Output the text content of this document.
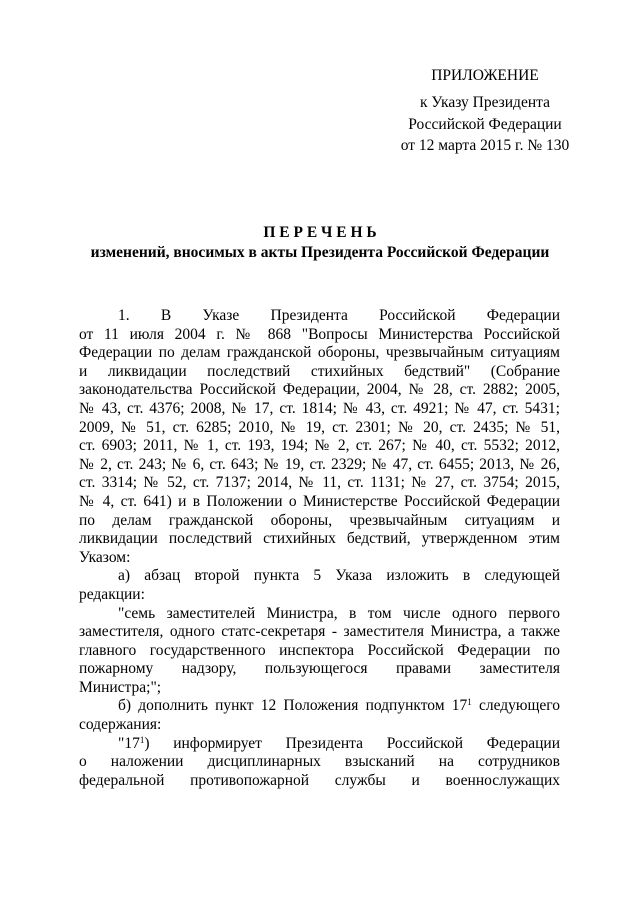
ПРИЛОЖЕНИЕ
к Указу Президента
Российской Федерации
от 12 марта 2015 г. № 130
П Е Р Е Ч Е Н Ь
изменений, вносимых в акты Президента Российской Федерации

1. В Указе Президента Российской Федерации
от 11 июля 2004 г. № 868 "Вопросы Министерства Российской
Федерации по делам гражданской обороны, чрезвычайным ситуациям
и ликвидации последствий стихийных бедствий" (Собрание
законодательства Российской Федерации, 2004, № 28, ст. 2882; 2005,
№ 43, ст. 4376; 2008, № 17, ст. 1814; № 43, ст. 4921; № 47, ст. 5431;
2009, № 51, ст. 6285; 2010, № 19, ст. 2301; № 20, ст. 2435; № 51,
ст. 6903; 2011, № 1, ст. 193, 194; № 2, ст. 267; № 40, ст. 5532; 2012,
№ 2, ст. 243; № 6, ст. 643; № 19, ст. 2329; № 47, ст. 6455; 2013, № 26,
ст. 3314; № 52, ст. 7137; 2014, № 11, ст. 1131; № 27, ст. 3754; 2015,
№ 4, ст. 641) и в Положении о Министерстве Российской Федерации
по делам гражданской обороны, чрезвычайным ситуациям и
ликвидации последствий стихийных бедствий, утвержденном этим
Указом:

а) абзац второй пункта 5 Указа изложить в следующей
редакции:

"семь заместителей Министра, в том числе одного первого
заместителя, одного статс-секретаря - заместителя Министра, а также
главного государственного инспектора Российской Федерации по
пожарному надзору, пользующегося правами заместителя
Министра;";

б) дополнить пункт 12 Положения подпунктом $17^1$ следующего
содержания:

"$17^1$) информирует Президента Российской Федерации
о наложении дисциплинарных взысканий на сотрудников
федеральной противопожарной службы и военнослужащих
